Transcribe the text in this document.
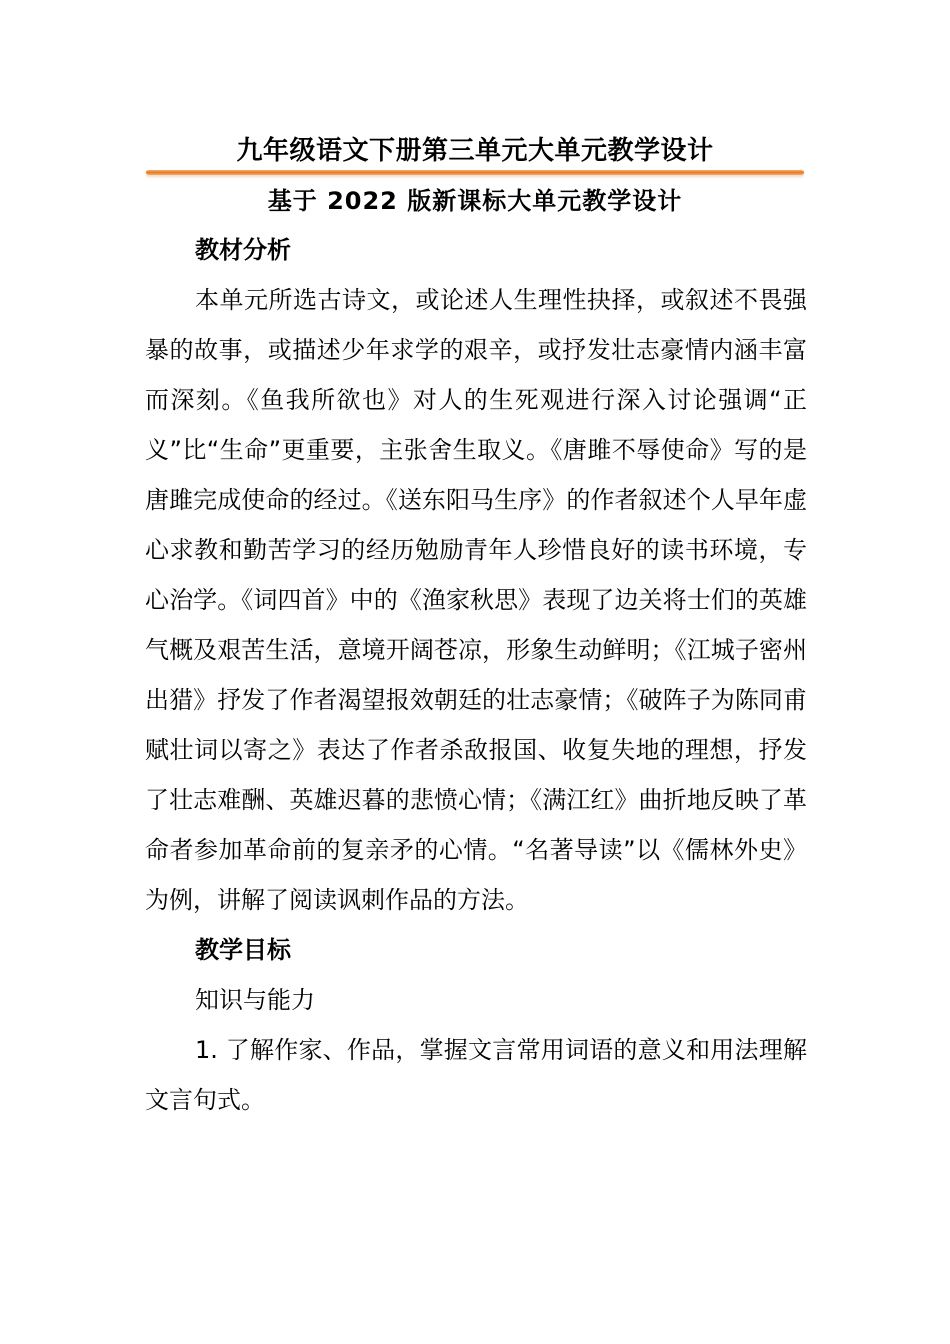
九年级语文下册第三单元大单元教学设计
基于 2022 版新课标大单元教学设计

教材分析

本单元所选古诗文，或论述人生理性抉择，或叙述不畏强暴的故事，或描述少年求学的艰辛，或抒发壮志豪情内涵丰富而深刻。《鱼我所欲也》对人的生死观进行深入讨论强调“正义”比“生命”更重要，主张舍生取义。《唐雎不辱使命》写的是唐雎完成使命的经过。《送东阳马生序》的作者叙述个人早年虚心求教和勤苦学习的经历勉励青年人珍惜良好的读书环境，专心治学。《词四首》中的《渔家秋思》表现了边关将士们的英雄气概及艰苦生活，意境开阔苍凉，形象生动鲜明；《江城子密州出猎》抒发了作者渴望报效朝廷的壮志豪情；《破阵子为陈同甫赋壮词以寄之》表达了作者杀敌报国、收复失地的理想，抒发了壮志难酬、英雄迟暮的悲愤心情；《满江红》曲折地反映了革命者参加革命前的复亲矛的心情。“名著导读”以《儒林外史》为例，讲解了阅读讽刺作品的方法。

教学目标

知识与能力

1. 了解作家、作品，掌握文言常用词语的意义和用法理解文言句式。
